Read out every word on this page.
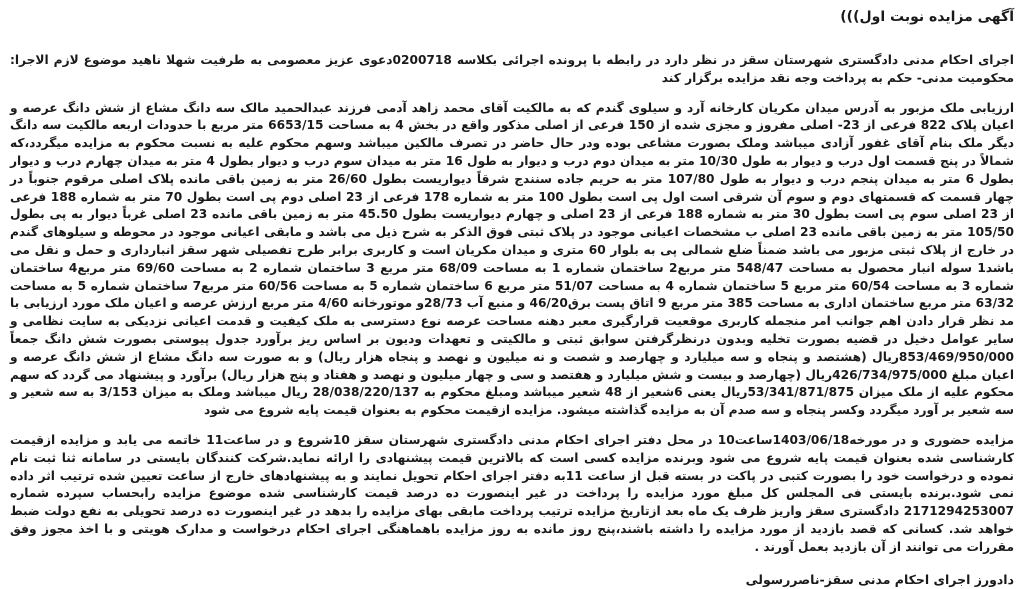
آگهی مزایده نوبت اول)))

اجرای احکام مدنی دادگستری شهرستان سقز در نظر دارد در رابطه با پرونده اجرائی بکلاسه 0200718دعوی عزیز معصومی به طرفیت شهلا ناهید موضوع لازم الاجرا: محکومیت مدنی- حکم به پرداخت وجه نقد مزایده برگزار کند

ارزیابی ملک مزبور به آدرس میدان مکریان کارخانه آرد و سیلوی گندم که به مالکیت آقای محمد زاهد آدمی فرزند عبدالحمید مالک سه دانگ مشاع از شش دانگ عرصه و اعیان پلاک 822 فرعی از 23- اصلی مفروز و مجزی شده از 150 فرعی از اصلی مذکور واقع در بخش 4 به مساحت 6653/15 متر مربع با حدودات اربعه مالکیت سه دانگ دیگر ملک بنام آقای غفور آزادی میباشد وملک بصورت مشاعی بوده ودر حال حاضر در تصرف مالکین میباشد وسهم محکوم علیه به نسبت محکوم به مزایده میگردد،که شمالاً در پنج قسمت اول درب و دیوار به طول 10/30 متر به میدان دوم درب و دیوار به طول 16 متر به میدان سوم درب و دیوار بطول 4 متر به میدان چهارم درب و دیوار بطول 6 متر به میدان پنجم درب و دیوار به طول 107/80 متر به حریم جاده سنندج شرقاً دیواریست بطول 26/60 متر به زمین باقی مانده پلاک اصلی مرقوم جنوباً در چهار قسمت که قسمتهای دوم و سوم آن شرقی است اول پی است بطول 100 متر به شماره 178 فرعی از 23 اصلی دوم پی است بطول 70 متر به شماره 188 فرعی از 23 اصلی سوم پی است بطول 30 متر به شماره 188 فرعی از 23 اصلی و چهارم دیواریست بطول 45.50 متر به زمین باقی مانده 23 اصلی غرباً دیوار به پی بطول 105/50 متر به زمین باقی مانده 23 اصلی ب مشخصات اعیانی موجود در پلاک ثبتی فوق الذکر به شرح ذیل می باشد و مابقی اعیانی موجود در محوطه و سیلوهای گندم در خارج از پلاک ثبتی مزبور می باشد ضمناً ضلع شمالی پی به بلوار 60 متری و میدان مکریان است و کاربری برابر طرح تفصیلی شهر سقز انبارداری و حمل و نقل می باشد1 سوله انبار محصول به مساحت 548/47 متر مربع2 ساختمان شماره 1 به مساحت 68/09 متر مربع 3 ساختمان شماره 2 به مساحت 69/60 متر مربع4 ساختمان شماره 3 به مساحت 60/54 متر مربع 5 ساختمان شماره 4 به مساحت 51/07 متر مربع 6 ساختمان شماره 5 به مساحت 60/56 متر مربع7 ساختمان شماره 5 به مساحت 63/32 متر مربع ساختمان اداری به مساحت 385 متر مربع 9 اتاق پست برق46/20 و منبع آب 28/73و موتورخانه 4/60 متر مربع ارزش عرصه و اعیان ملک مورد ارزیابی با مد نظر قرار دادن اهم جوانب امر منجمله کاربری موقعیت قرارگیری معبر دهنه مساحت عرصه نوع دسترسی به ملک کیفیت و قدمت اعیانی نزدیکی به سایت نظامی و سایر عوامل دخیل در قضیه بصورت تخلیه وبدون درنظرگرفتن سوابق ثبتی و مالکیتی و تعهدات ودیون بر اساس ریز برآورد جدول پیوستی بصورت شش دانگ جمعاً 853/469/950/000ریال (هشتصد و پنجاه و سه میلیارد و چهارصد و شصت و نه میلیون و نهصد و پنجاه هزار ریال) و به صورت سه دانگ مشاع از شش دانگ عرصه و اعیان مبلغ 426/734/975/000ریال (چهارصد و بیست و شش میلیارد و هفتصد و سی و چهار میلیون و نهصد و هفتاد و پنج هزار ریال) برآورد و پیشنهاد می گردد که سهم محکوم علیه از ملک میزان 53/341/871/875ریال یعنی 6شعیر از 48 شعیر میباشد ومبلغ محکوم به 28/038/220/137 ریال میباشد وملک به میزان 3/153 به سه شعیر و سه شعیر بر آورد میگردد وکسر پنجاه و سه صدم آن به مزایده گذاشته میشود. مزایده ازقیمت محکوم به بعنوان قیمت پایه شروع می شود

مزایده حضوری و در مورخه1403/06/18ساعت10 در محل دفتر اجرای احکام مدنی دادگستری شهرستان سقز 10شروع و در ساعت11 خاتمه می یابد و مزایده ازقیمت کارشناسی شده بعنوان قیمت پایه شروع می شود وبرنده مزایده کسی است که بالاترین قیمت پیشنهادی را ارائه نماید.شرکت کنندگان بایستی در سامانه ثنا ثبت نام نموده و درخواست خود را بصورت کتبی در پاکت در بسته قبل از ساعت 11به دفتر اجرای احکام تحویل نمایند و به پیشنهادهای خارج از ساعت تعیین شده ترتیب اثر داده نمی شود.برنده بایستی فی المجلس کل مبلغ مورد مزایده را پرداخت در غیر اینصورت ده درصد قیمت کارشناسی شده موضوع مزایده رابحساب سپرده شماره 2171294253007 دادگستری سقز واریز ظرف یک ماه بعد ازتاریخ مزایده ترتیب پرداخت مابقی بهای مزایده را بدهد در غیر اینصورت ده درصد تحویلی به نفع دولت ضبط خواهد شد. کسانی که قصد بازدید از مورد مزایده را داشته باشند،پنج روز مانده به روز مزایده باهماهنگی اجرای احکام درخواست و مدارک هویتی و با اخذ مجوز وفق مقررات می توانند از آن بازدید بعمل آورند .

دادورز اجرای احکام مدنی سقز-ناصررسولی
